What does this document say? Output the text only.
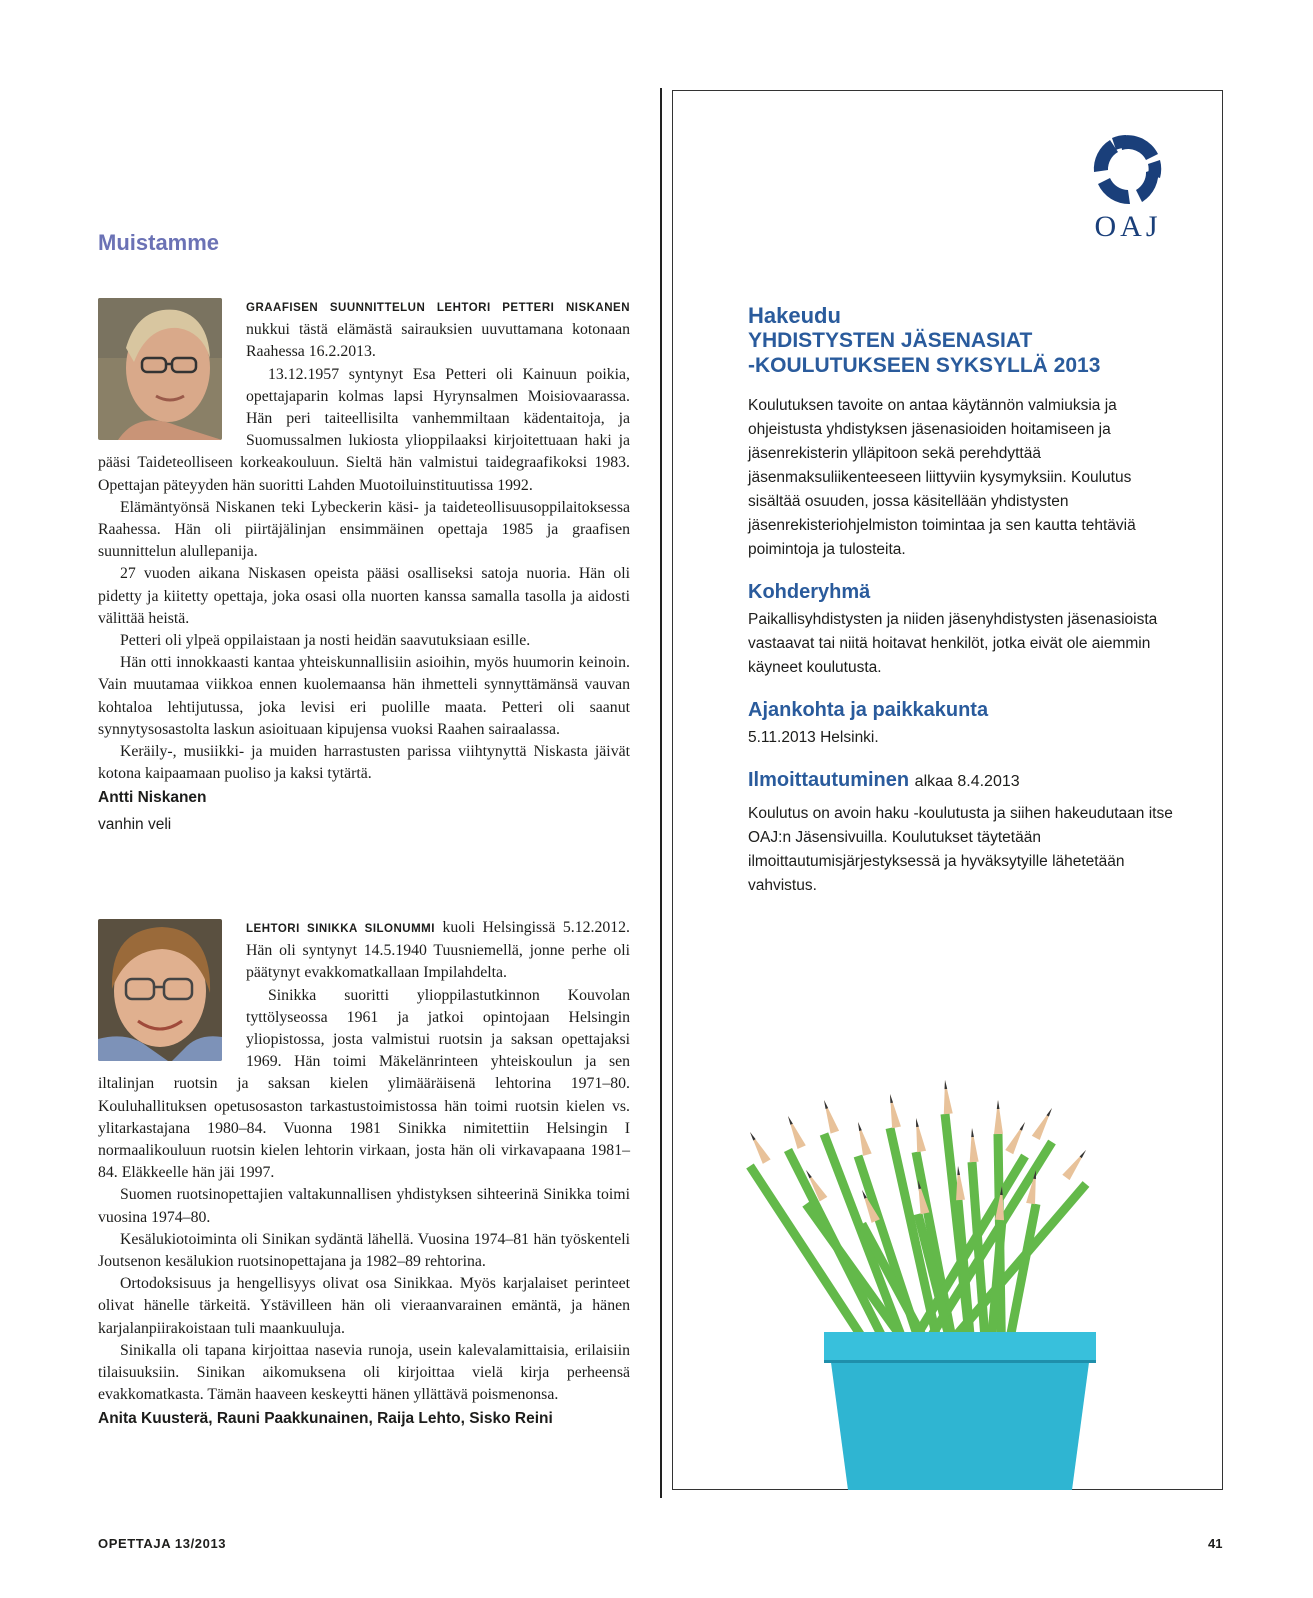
Muistamme

GRAAFISEN SUUNNITTELUN LEHTORI PETTERI NISKANEN nukkui tästä elämästä sairauksien uuvuttamana kotonaan Raahessa 16.2.2013.

13.12.1957 syntynyt Esa Petteri oli Kainuun poikia, opettajaparin kolmas lapsi Hyrynsalmen Moisiovaarassa. Hän peri taiteellisilta vanhemmiltaan kädentaitoja, ja Suomussalmen lukiosta ylioppilaaksi kirjoitettuaan haki ja pääsi Taideteolliseen korkeakouluun. Sieltä hän valmistui taidegraafikoksi 1983. Opettajan päteyyden hän suoritti Lahden Muotoiluinstituutissa 1992.

Elämäntyönsä Niskanen teki Lybeckerin käsi- ja taideteollisuusoppilaitoksessa Raahessa. Hän oli piirtäjälinjan ensimmäinen opettaja 1985 ja graafisen suunnittelun alullepanija.

27 vuoden aikana Niskasen opeista pääsi osalliseksi satoja nuoria. Hän oli pidetty ja kiitetty opettaja, joka osasi olla nuorten kanssa samalla tasolla ja aidosti välittää heistä.

Petteri oli ylpeä oppilaistaan ja nosti heidän saavutuksiaan esille.

Hän otti innokkaasti kantaa yhteiskunnallisiin asioihin, myös huumorin keinoin. Vain muutamaa viikkoa ennen kuolemaansa hän ihmetteli synnyttämänsä vauvan kohtaloa lehtijutussa, joka levisi eri puolille maata. Petteri oli saanut synnytysosastolta laskun asioituaan kipujensa vuoksi Raahen sairaalassa.

Keräily-, musiikki- ja muiden harrastusten parissa viihtynyttä Niskasta jäivät kotona kaipaamaan puoliso ja kaksi tytärtä.

Antti Niskanen
vanhin veli

LEHTORI SINIKKA SILONUMMI kuoli Helsingissä 5.12.2012. Hän oli syntynyt 14.5.1940 Tuusniemellä, jonne perhe oli päätynyt evakkomatkallaan Impilahdelta.

Sinikka suoritti ylioppilastutkinnon Kouvolan tyttölyseossa 1961 ja jatkoi opintojaan Helsingin yliopistossa, josta valmistui ruotsin ja saksan opettajaksi 1969. Hän toimi Mäkelänrinteen yhteiskoulun ja sen iltalinjan ruotsin ja saksan kielen ylimääräisenä lehtorina 1971–80. Kouluhallituksen opetusosaston tarkastustoimistossa hän toimi ruotsin kielen vs. ylitarkastajana 1980–84. Vuonna 1981 Sinikka nimitettiin Helsingin I normaalikouluun ruotsin kielen lehtorin virkaan, josta hän oli virkavapaana 1981–84. Eläkkeelle hän jäi 1997.

Suomen ruotsinopettajien valtakunnallisen yhdistyksen sihteerinä Sinikka toimi vuosina 1974–80.

Kesälukiotoiminta oli Sinikan sydäntä lähellä. Vuosina 1974–81 hän työskenteli Joutsenon kesälukion ruotsinopettajana ja 1982–89 rehtorina.

Ortodoksisuus ja hengellisyys olivat osa Sinikkaa. Myös karjalaiset perinteet olivat hänelle tärkeitä. Ystävilleen hän oli vieraanvarainen emäntä, ja hänen karjalanpiirakoistaan tuli maankuuluja.

Sinikalla oli tapana kirjoittaa nasevia runoja, usein kalevalamittaisia, erilaisiin tilaisuuksiin. Sinikan aikomuksena oli kirjoittaa vielä kirja perheensä evakkomatkasta. Tämän haaveen keskeytti hänen yllättävä poismenonsa.

Anita Kuusterä, Rauni Paakkunainen, Raija Lehto, Sisko Reini
OAJ
Hakeudu
YHDISTYSTEN JÄSENASIAT
-KOULUTUKSEEN SYKSYLLÄ 2013

Koulutuksen tavoite on antaa käytännön valmiuksia ja ohjeistusta yhdistyksen jäsenasioiden hoitamiseen ja jäsenrekisterin ylläpitoon sekä perehdyttää jäsenmaksuliikenteeseen liittyviin kysymyksiin. Koulutus sisältää osuuden, jossa käsitellään yhdistysten jäsenrekisteriohjelmiston toimintaa ja sen kautta tehtäviä poimintoja ja tulosteita.

Kohderyhmä

Paikallisyhdistysten ja niiden jäsenyhdistysten jäsenasioista vastaavat tai niitä hoitavat henkilöt, jotka eivät ole aiemmin käyneet koulutusta.

Ajankohta ja paikkakunta

5.11.2013 Helsinki.

Ilmoittautuminen alkaa 8.4.2013

Koulutus on avoin haku -koulutusta ja siihen hakeudutaan itse OAJ:n Jäsensivuilla. Koulutukset täytetään ilmoittautumisjärjestyksessä ja hyväksytyille lähetetään vahvistus.

OPETTAJA 13/2013	41
